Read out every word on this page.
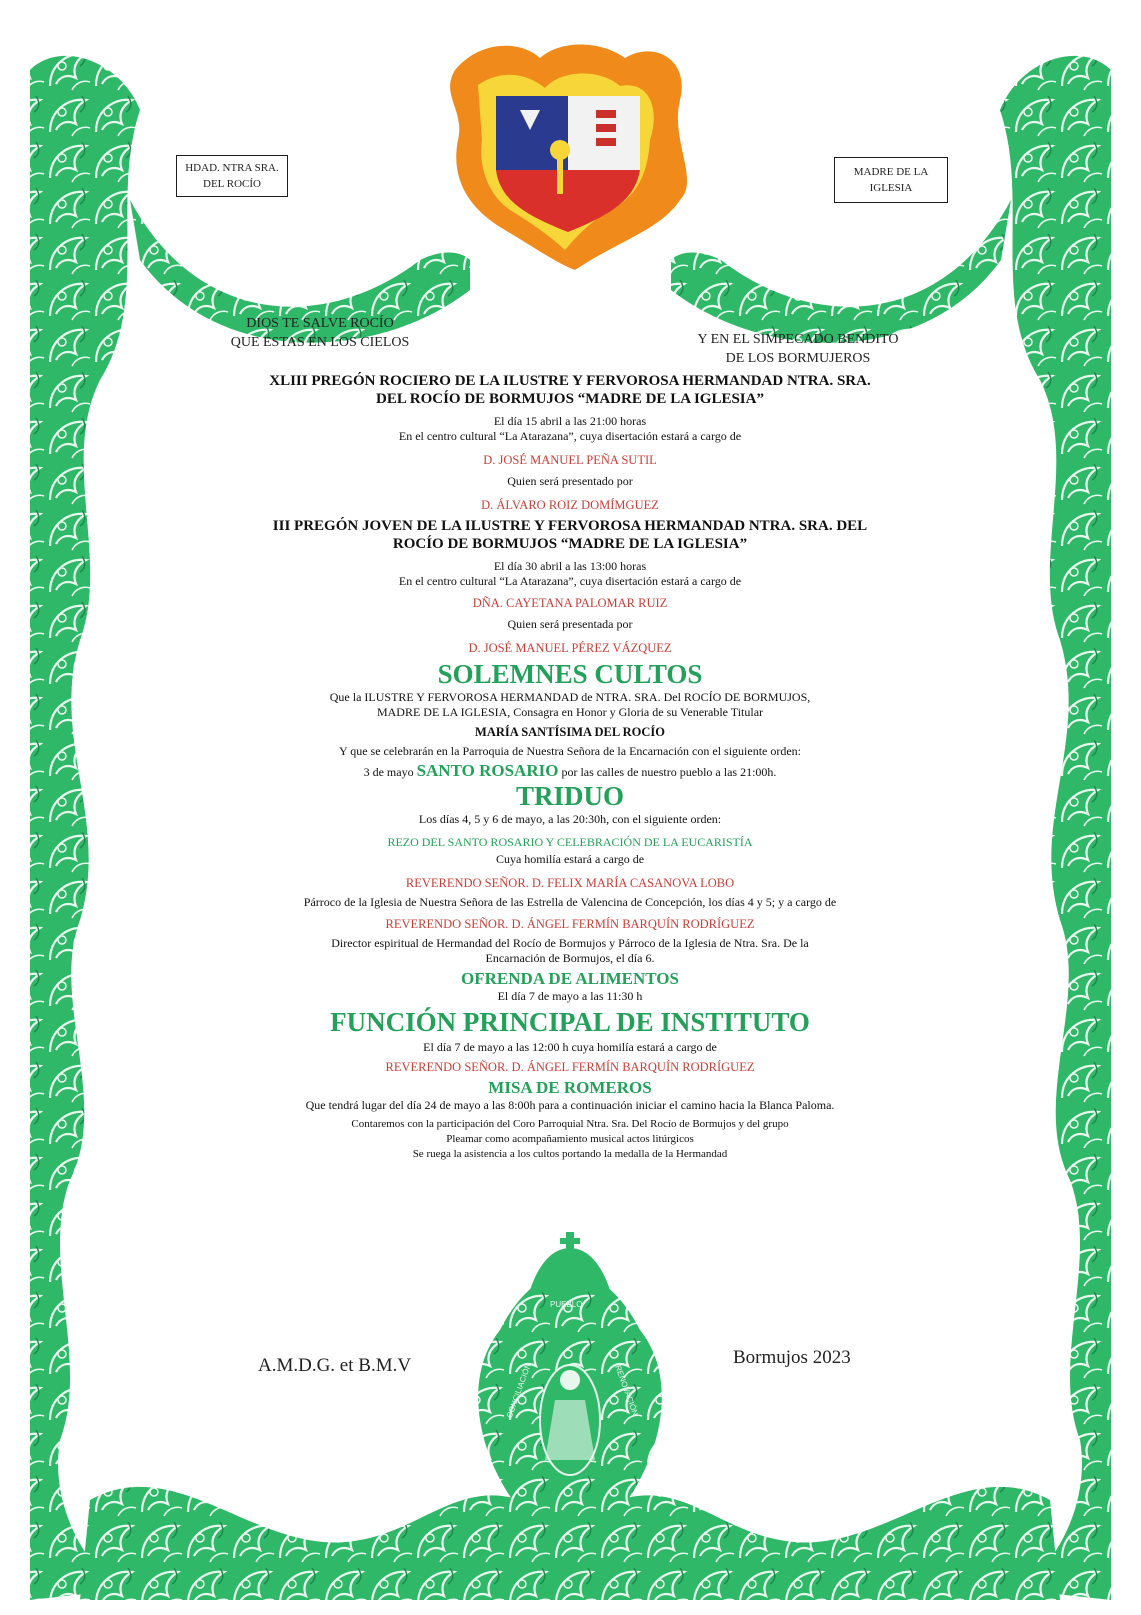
HDAD. NTRA SRA.
DEL ROCÍO
MADRE DE LA
IGLESIA
DIOS TE SALVE ROCÍO
QUE ESTAS EN LOS CIELOS	Y EN EL SIMPECADO BENDITO
DE LOS BORMUJEROS

XLIII PREGÓN ROCIERO DE LA ILUSTRE Y FERVOROSA HERMANDAD NTRA. SRA.

DEL ROCÍO DE BORMUJOS “MADRE DE LA IGLESIA”

El día 15 abril a las 21:00 horas

En el centro cultural “La Atarazana”, cuya disertación estará a cargo de

D. JOSÉ MANUEL PEÑA SUTIL

Quien será presentado por

D. ÁLVARO ROIZ DOMÍMGUEZ

III PREGÓN JOVEN DE LA ILUSTRE Y FERVOROSA HERMANDAD NTRA. SRA. DEL

ROCÍO DE BORMUJOS “MADRE DE LA IGLESIA”

El día 30 abril a las 13:00 horas

En el centro cultural “La Atarazana”, cuya disertación estará a cargo de

DÑA. CAYETANA PALOMAR RUIZ

Quien será presentada por

D. JOSÉ MANUEL PÉREZ VÁZQUEZ

SOLEMNES CULTOS

Que la ILUSTRE Y FERVOROSA HERMANDAD de NTRA. SRA. Del ROCÍO DE BORMUJOS,

MADRE DE LA IGLESIA, Consagra en Honor y Gloria de su Venerable Titular

MARÍA SANTÍSIMA DEL ROCÍO

Y que se celebrarán en la Parroquia de Nuestra Señora de la Encarnación con el siguiente orden:

3 de mayo SANTO ROSARIO por las calles de nuestro pueblo a las 21:00h.

TRIDUO

Los días 4, 5 y 6 de mayo, a las 20:30h, con el siguiente orden:

REZO DEL SANTO ROSARIO Y CELEBRACIÓN DE LA EUCARISTÍA

Cuya homilía estará a cargo de

REVERENDO SEÑOR. D. FELIX MARÍA CASANOVA LOBO

Párroco de la Iglesia de Nuestra Señora de las Estrella de Valencina de Concepción, los días 4 y 5; y a cargo de

REVERENDO SEÑOR. D. ÁNGEL FERMÍN BARQUÍN RODRÍGUEZ

Director espiritual de Hermandad del Rocío de Bormujos y Párroco de la Iglesia de Ntra. Sra. De la

Encarnación de Bormujos, el día 6.

OFRENDA DE ALIMENTOS

El día 7 de mayo a las 11:30 h

FUNCIÓN PRINCIPAL DE INSTITUTO

El día 7 de mayo a las 12:00 h cuya homilía estará a cargo de

REVERENDO SEÑOR. D. ÁNGEL FERMÍN BARQUÍN RODRÍGUEZ

MISA DE ROMEROS

Que tendrá lugar del día 24 de mayo a las 8:00h para a continuación iniciar el camino hacia la Blanca Paloma.

Contaremos con la participación del Coro Parroquial Ntra. Sra. Del Rocío de Bormujos y del grupo

Pleamar como acompañamiento musical actos litúrgicos

Se ruega la asistencia a los cultos portando la medalla de la Hermandad

A.M.D.G. et B.M.V	Bormujos 2023
CONCILIACIÓN
PUEBLO
RENOVACIÓN
